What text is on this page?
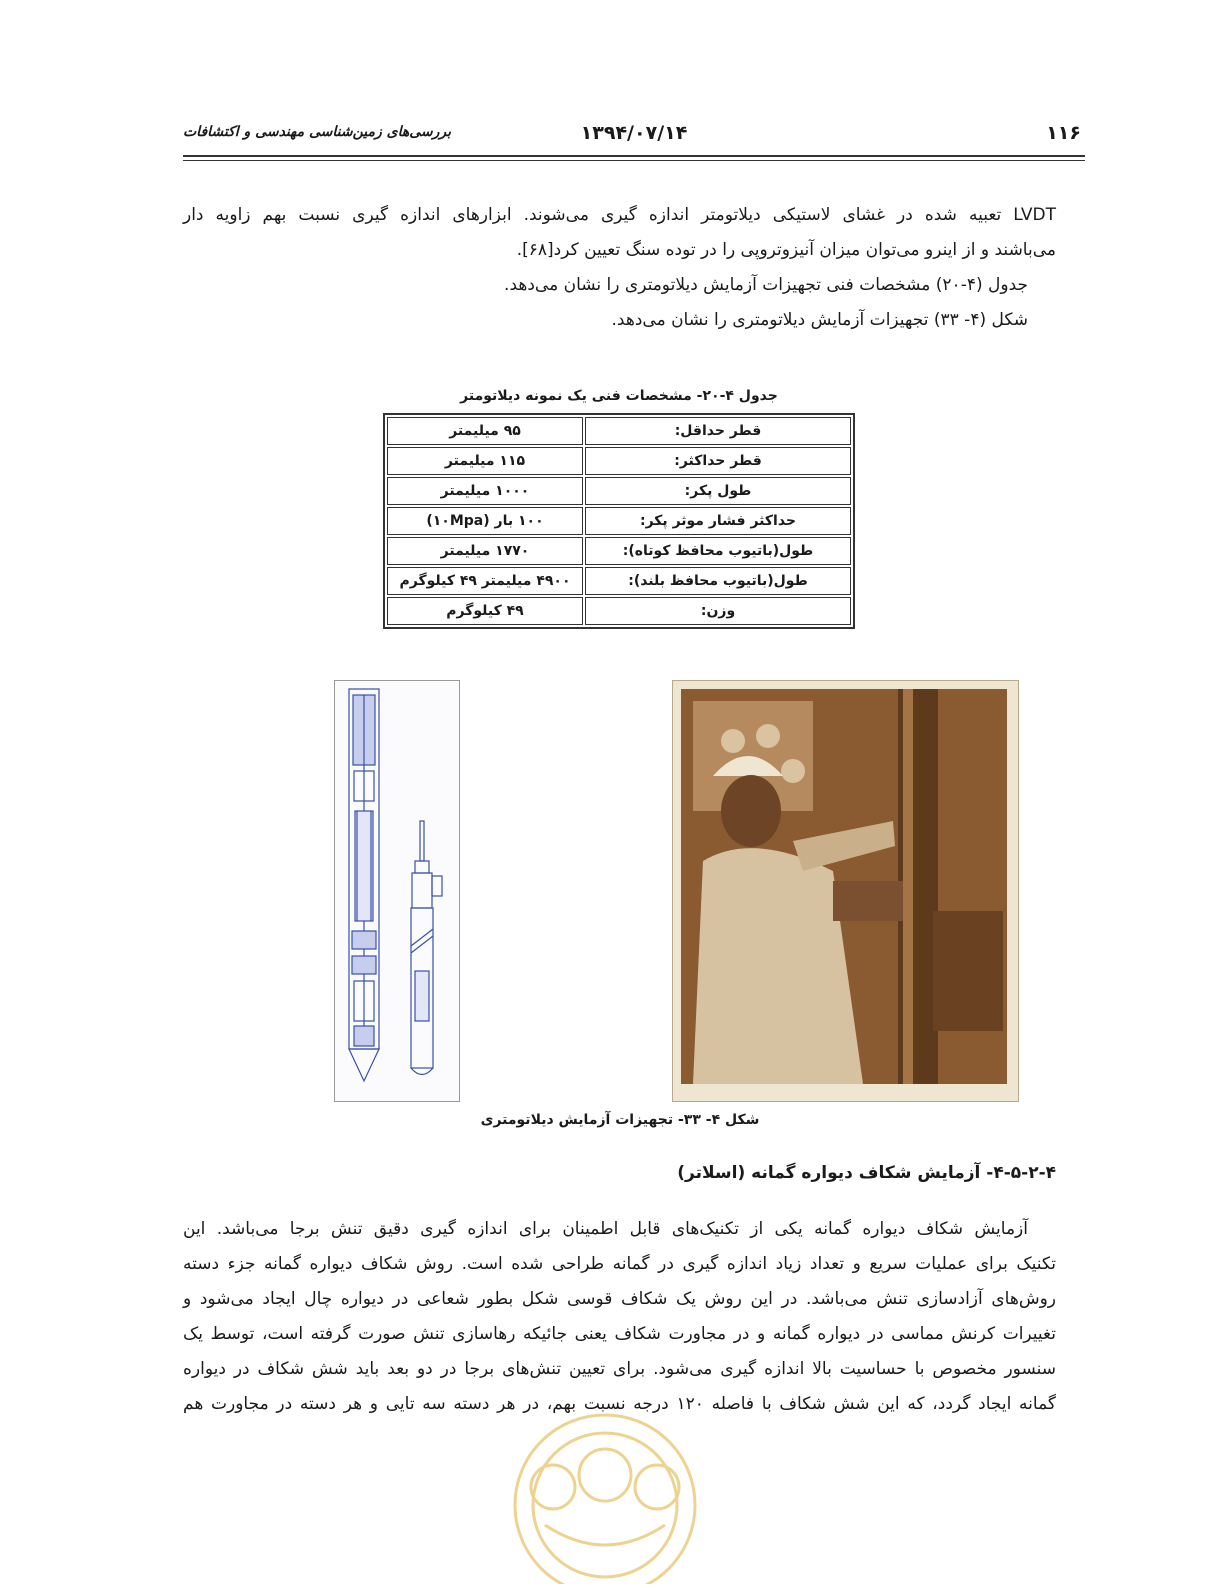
۱۱۶
۱۳۹۴/۰۷/۱۴
بررسی‌های زمین‌شناسی مهندسی و اکتشافات

LVDT تعبیه شده در غشای لاستیکی دیلاتومتر اندازه گیری می‌شوند. ابزارهای اندازه گیری نسبت بهم زاویه دار

می‌باشند و از اینرو می‌توان میزان آنیزوتروپی را در توده سنگ تعیین کرد[۶۸].

جدول (۴-۲۰) مشخصات فنی تجهیزات آزمایش دیلاتومتری را نشان می‌دهد.

شکل (۴- ۳۳) تجهیزات آزمایش دیلاتومتری را نشان می‌دهد.

جدول ۴-۲۰- مشخصات فنی یک نمونه دیلاتومتر
قطر حداقل:	۹۵ میلیمتر
قطر حداکثر:	۱۱۵ میلیمتر
طول پکر:	۱۰۰۰ میلیمتر
حداکثر فشار موثر پکر:	۱۰۰ بار (۱۰Mpa)
طول(باتیوب محافظ کوتاه):	۱۷۷۰ میلیمتر
طول(باتیوب محافظ بلند):	۴۹۰۰ میلیمتر ۴۹ کیلوگرم
وزن:	۴۹ کیلوگرم
شکل ۴- ۳۳- تجهیزات آزمایش دیلاتومتری
۴-۵-۲-۴- آزمایش شکاف دیواره گمانه (اسلاتر)

آزمایش شکاف دیواره گمانه یکی از تکنیک‌های قابل اطمینان برای اندازه گیری دقیق تنش برجا می‌باشد. این

تکنیک برای عملیات سریع و تعداد زیاد اندازه گیری در گمانه طراحی شده است. روش شکاف دیواره گمانه جزء دسته

روش‌های آزادسازی تنش می‌باشد. در این روش یک شکاف قوسی شکل بطور شعاعی در دیواره چال ایجاد می‌شود و

تغییرات کرنش مماسی در دیواره گمانه و در مجاورت شکاف یعنی جائیکه رهاسازی تنش صورت گرفته است، توسط یک

سنسور مخصوص با حساسیت بالا اندازه گیری می‌شود. برای تعیین تنش‌های برجا در دو بعد باید شش شکاف در دیواره

گمانه ایجاد گردد، که این شش شکاف با فاصله ۱۲۰ درجه نسبت بهم، در هر دسته سه تایی و هر دسته در مجاورت هم
